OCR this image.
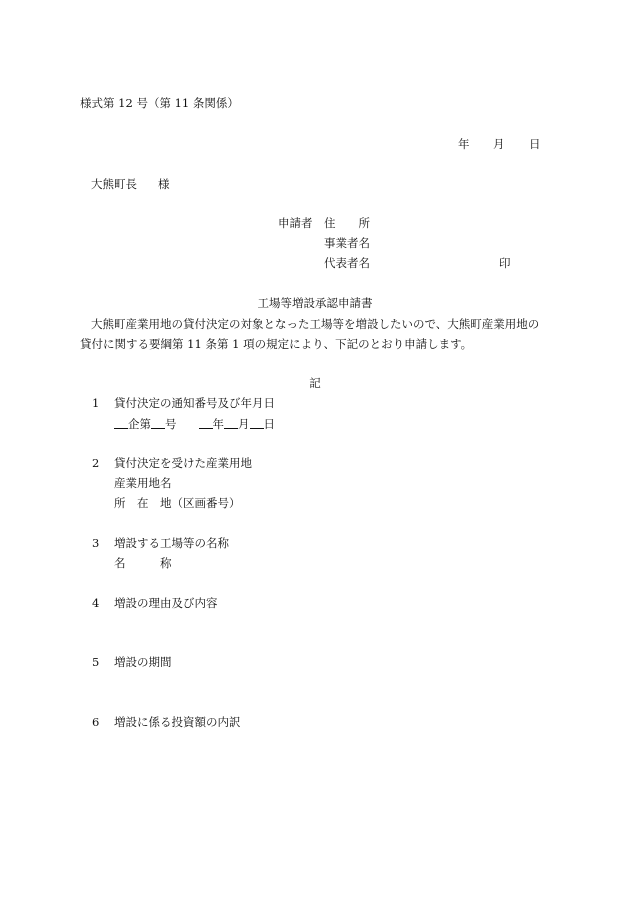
様式第 12 号（第 11 条関係）
年 月 日
大熊町長 様
申請者 住　　所
事業者名
代表者名	印
工場等増設承認申請書
大熊町産業用地の貸付決定の対象となった工場等を増設したいので、大熊町産業用地の
貸付に関する要綱第 11 条第 1 項の規定により、下記のとおり申請します。
記
1 貸付決定の通知番号及び年月日
企第 号	年 月 日
2 貸付決定を受けた産業用地
産業用地名
所　在　地（区画番号）
3 増設する工場等の名称
名　　　称
4 増設の理由及び内容
5 増設の期間
6 増設に係る投資額の内訳
